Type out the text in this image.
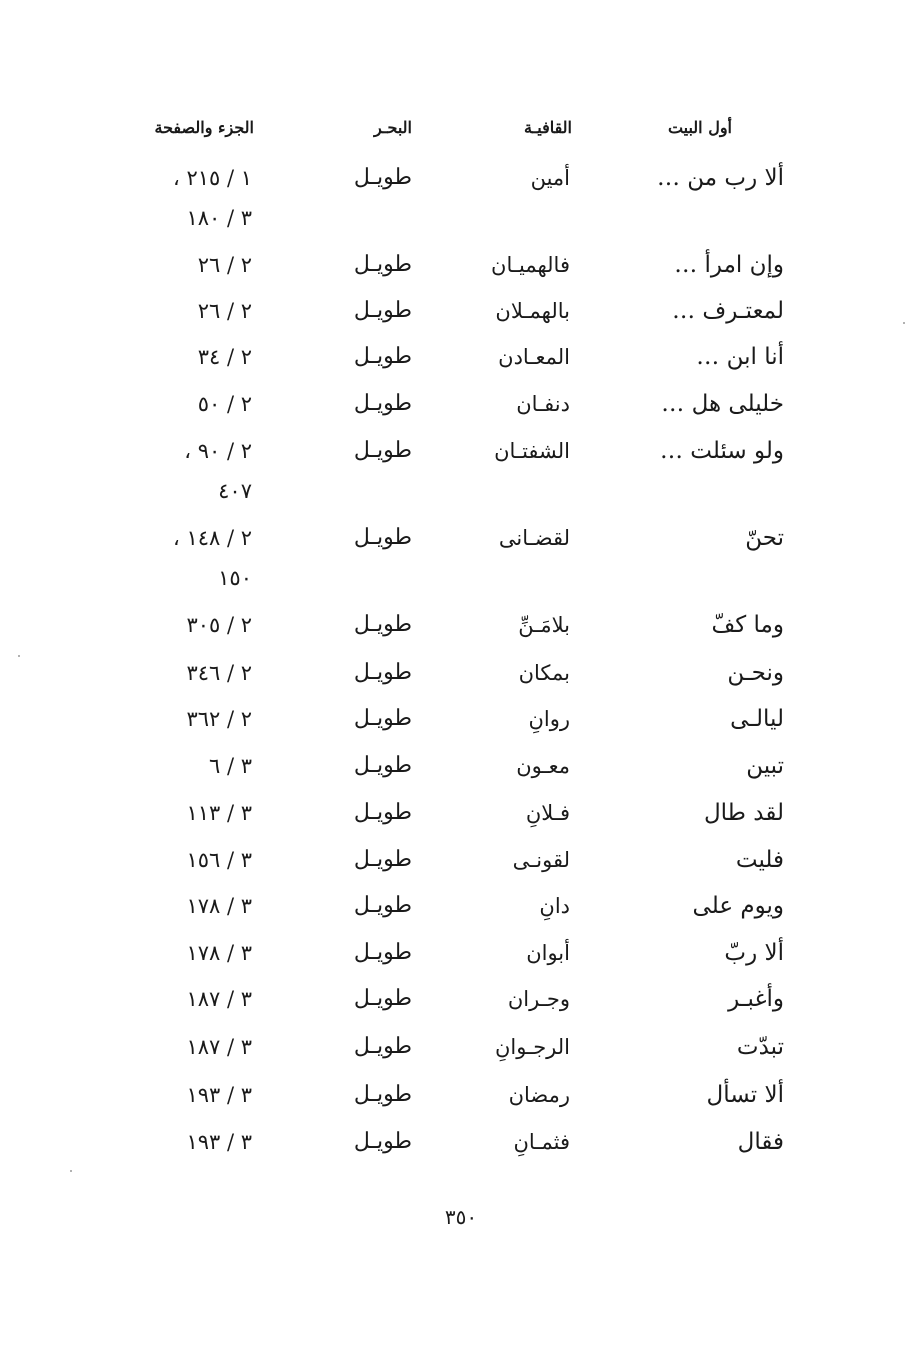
أول البيت
القافيـة
البحـر
الجزء والصفحة
ألا رب من …
أمين
طويـل
١ / ٢١٥ ،
٣ / ١٨٠
وإن امرأ …
فالهميـان
طويـل
٢ / ٢٦
لمعتـرف …
بالهمـلان
طويـل
٢ / ٢٦
أنا ابن …
المعـادن
طويـل
٢ / ٣٤
خليلى هل …
دنفـان
طويـل
٢ / ٥٠
ولو سئلت …
الشفتـان
طويـل
٢ / ٩٠ ،
٤٠٧
تحنّ
لقضـانى
طويـل
٢ / ١٤٨ ،
١٥٠
وما كفّ
بلامَـنِّ
طويـل
٢ / ٣٠٥
ونحـن
بمكان
طويـل
٢ / ٣٤٦
ليالـى
روانِ
طويـل
٢ / ٣٦٢
تبين
معـون
طويـل
٣ / ٦
لقد طال
فـلانِ
طويـل
٣ / ١١٣
فليت
لقونـى
طويـل
٣ / ١٥٦
ويوم على
دانِ
طويـل
٣ / ١٧٨
ألا ربّ
أبوان
طويـل
٣ / ١٧٨
وأغبـر
وجـران
طويـل
٣ / ١٨٧
تبدّت
الرجـوانِ
طويـل
٣ / ١٨٧
ألا تسأل
رمضان
طويـل
٣ / ١٩٣
فقال
فثمـانِ
طويـل
٣ / ١٩٣
٣٥٠
